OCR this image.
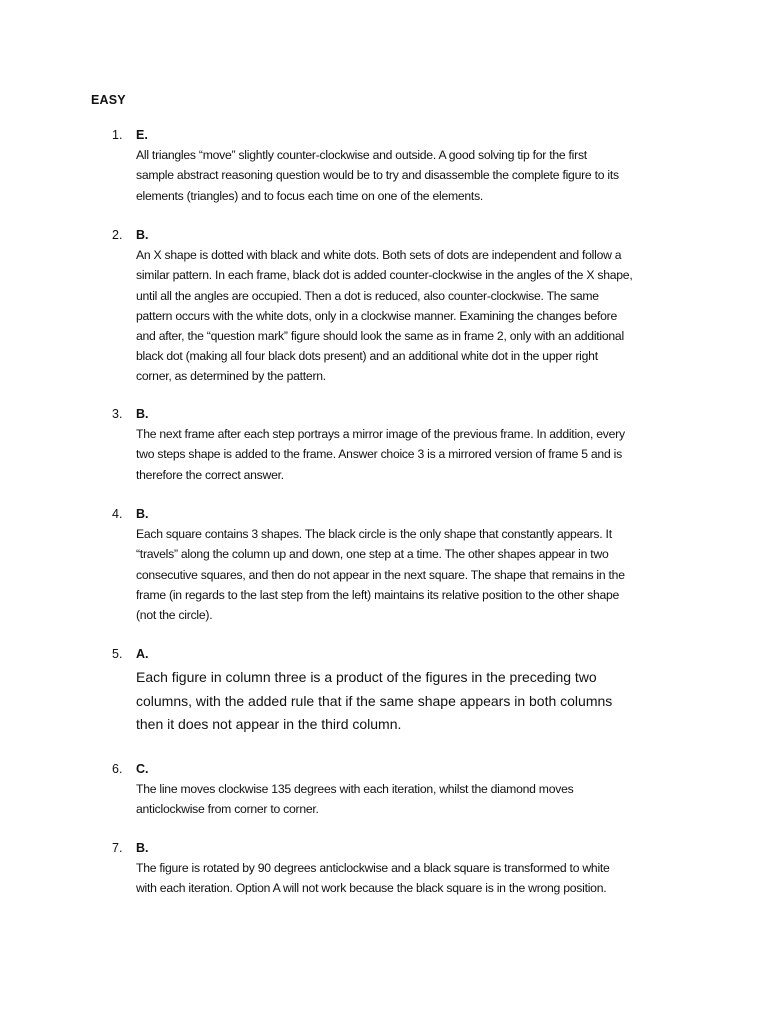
EASY
1. E.
All triangles “move” slightly counter-clockwise and outside. A good solving tip for the first
sample abstract reasoning question would be to try and disassemble the complete figure to its
elements (triangles) and to focus each time on one of the elements.
2. B.
An X shape is dotted with black and white dots. Both sets of dots are independent and follow a
similar pattern. In each frame, black dot is added counter-clockwise in the angles of the X shape,
until all the angles are occupied. Then a dot is reduced, also counter-clockwise. The same
pattern occurs with the white dots, only in a clockwise manner. Examining the changes before
and after, the “question mark” figure should look the same as in frame 2, only with an additional
black dot (making all four black dots present) and an additional white dot in the upper right
corner, as determined by the pattern.
3. B.
The next frame after each step portrays a mirror image of the previous frame. In addition, every
two steps shape is added to the frame. Answer choice 3 is a mirrored version of frame 5 and is
therefore the correct answer.
4. B.
Each square contains 3 shapes. The black circle is the only shape that constantly appears. It
“travels” along the column up and down, one step at a time. The other shapes appear in two
consecutive squares, and then do not appear in the next square. The shape that remains in the
frame (in regards to the last step from the left) maintains its relative position to the other shape
(not the circle).
5. A.
Each figure in column three is a product of the figures in the preceding two
columns, with the added rule that if the same shape appears in both columns
then it does not appear in the third column.
6. C.
The line moves clockwise 135 degrees with each iteration, whilst the diamond moves
anticlockwise from corner to corner.
7. B.
The figure is rotated by 90 degrees anticlockwise and a black square is transformed to white
with each iteration. Option A will not work because the black square is in the wrong position.
